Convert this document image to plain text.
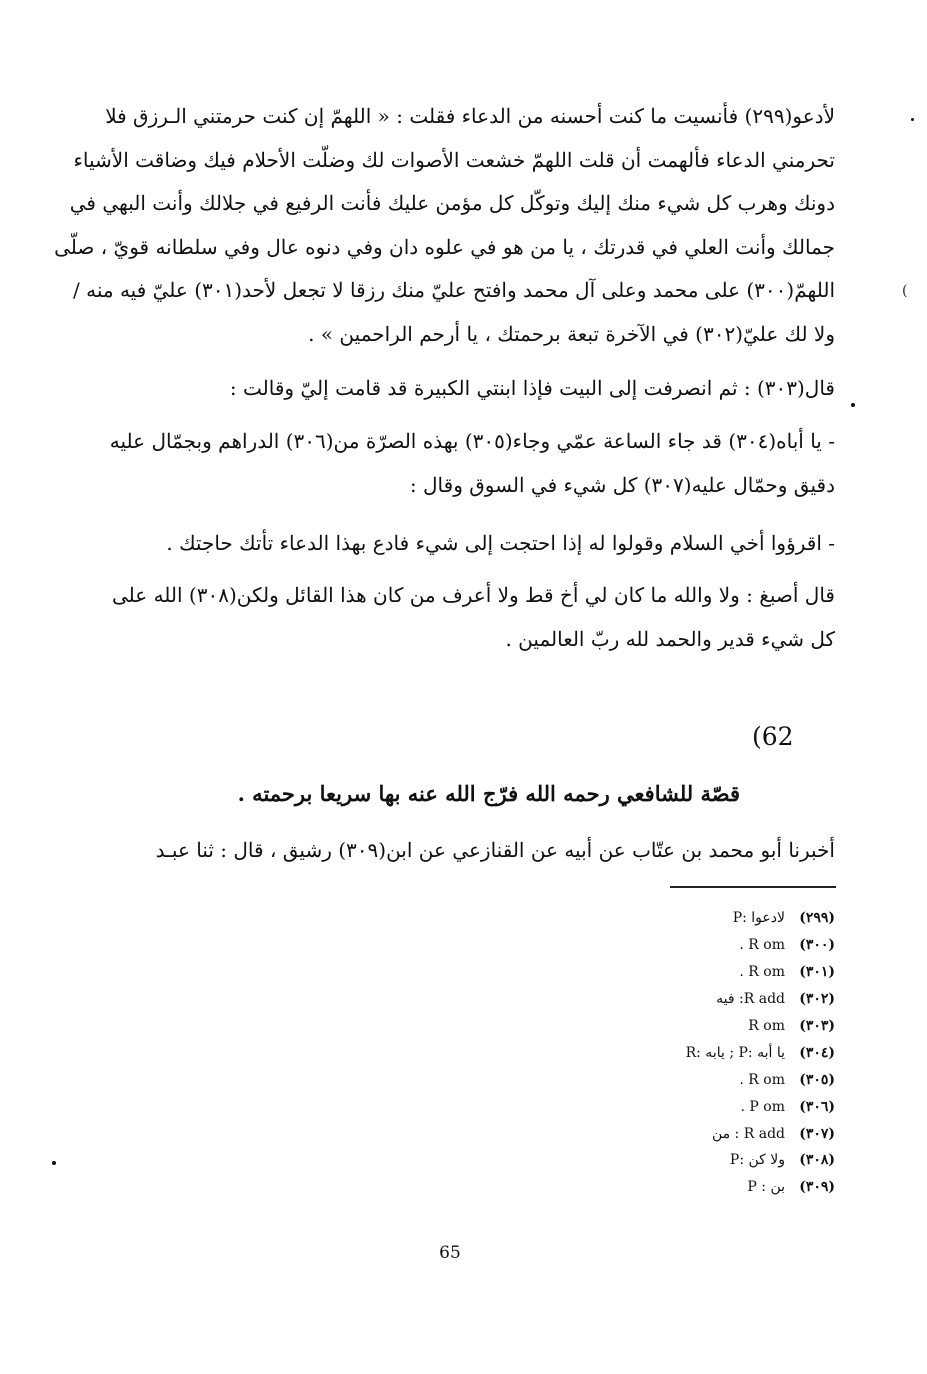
لأدعو(٢٩٩) فأنسيت ما كنت أحسنه من الدعاء فقلت : « اللهمّ إن كنت حرمتني الـرزق فلا
تحرمني الدعاء فألهمت أن قلت اللهمّ خشعت الأصوات لك وضلّت الأحلام فيك وضاقت الأشياء
دونك وهرب كل شيء منك إليك وتوكّل كل مؤمن عليك فأنت الرفيع في جلالك وأنت البهي في
جمالك وأنت العلي في قدرتك ، يا من هو في علوه دان وفي دنوه عال وفي سلطانه قويّ ، صلّى
اللهمّ(٣٠٠) على محمد وعلى آل محمد وافتح عليّ منك رزقا لا تجعل لأحد(٣٠١) عليّ فيه منه /
ولا لك عليّ(٣٠٢) في الآخرة تبعة برحمتك ، يا أرحم الراحمين » .
قال(٣٠٣) : ثم انصرفت إلى البيت فإذا ابنتي الكبيرة قد قامت إليّ وقالت :
- يا أباه(٣٠٤) قد جاء الساعة عمّي وجاء(٣٠٥) بهذه الصرّة من(٣٠٦) الدراهم وبجمّال عليه
دقيق وحمّال عليه(٣٠٧) كل شيء في السوق وقال :
- اقرؤوا أخي السلام وقولوا له إذا احتجت إلى شيء فادع بهذا الدعاء تأتك حاجتك .
قال أصبغ : ولا والله ما كان لي أخ قط ولا أعرف من كان هذا القائل ولكن(٣٠٨) الله على
كل شيء قدير والحمد لله ربّ العالمين .

(62

قصّة للشافعي رحمه الله فرّج الله عنه بها سريعا برحمته .

أخبرنا أبو محمد بن عتّاب عن أبيه عن القنازعي عن ابن(٣٠٩) رشيق ، قال : ثنا عبـد
(٢٩٩)
لادعوا :P
(٣٠٠)
R om .
(٣٠١)
R om .
(٣٠٢)
R add: فيه
(٣٠٣)
R om
(٣٠٤)
يا أبه :P ; يابه :R
(٣٠٥)
R om .
(٣٠٦)
P om .
(٣٠٧)
R add : من
(٣٠٨)
ولا كن :P
(٣٠٩)
بن : P

65

(
